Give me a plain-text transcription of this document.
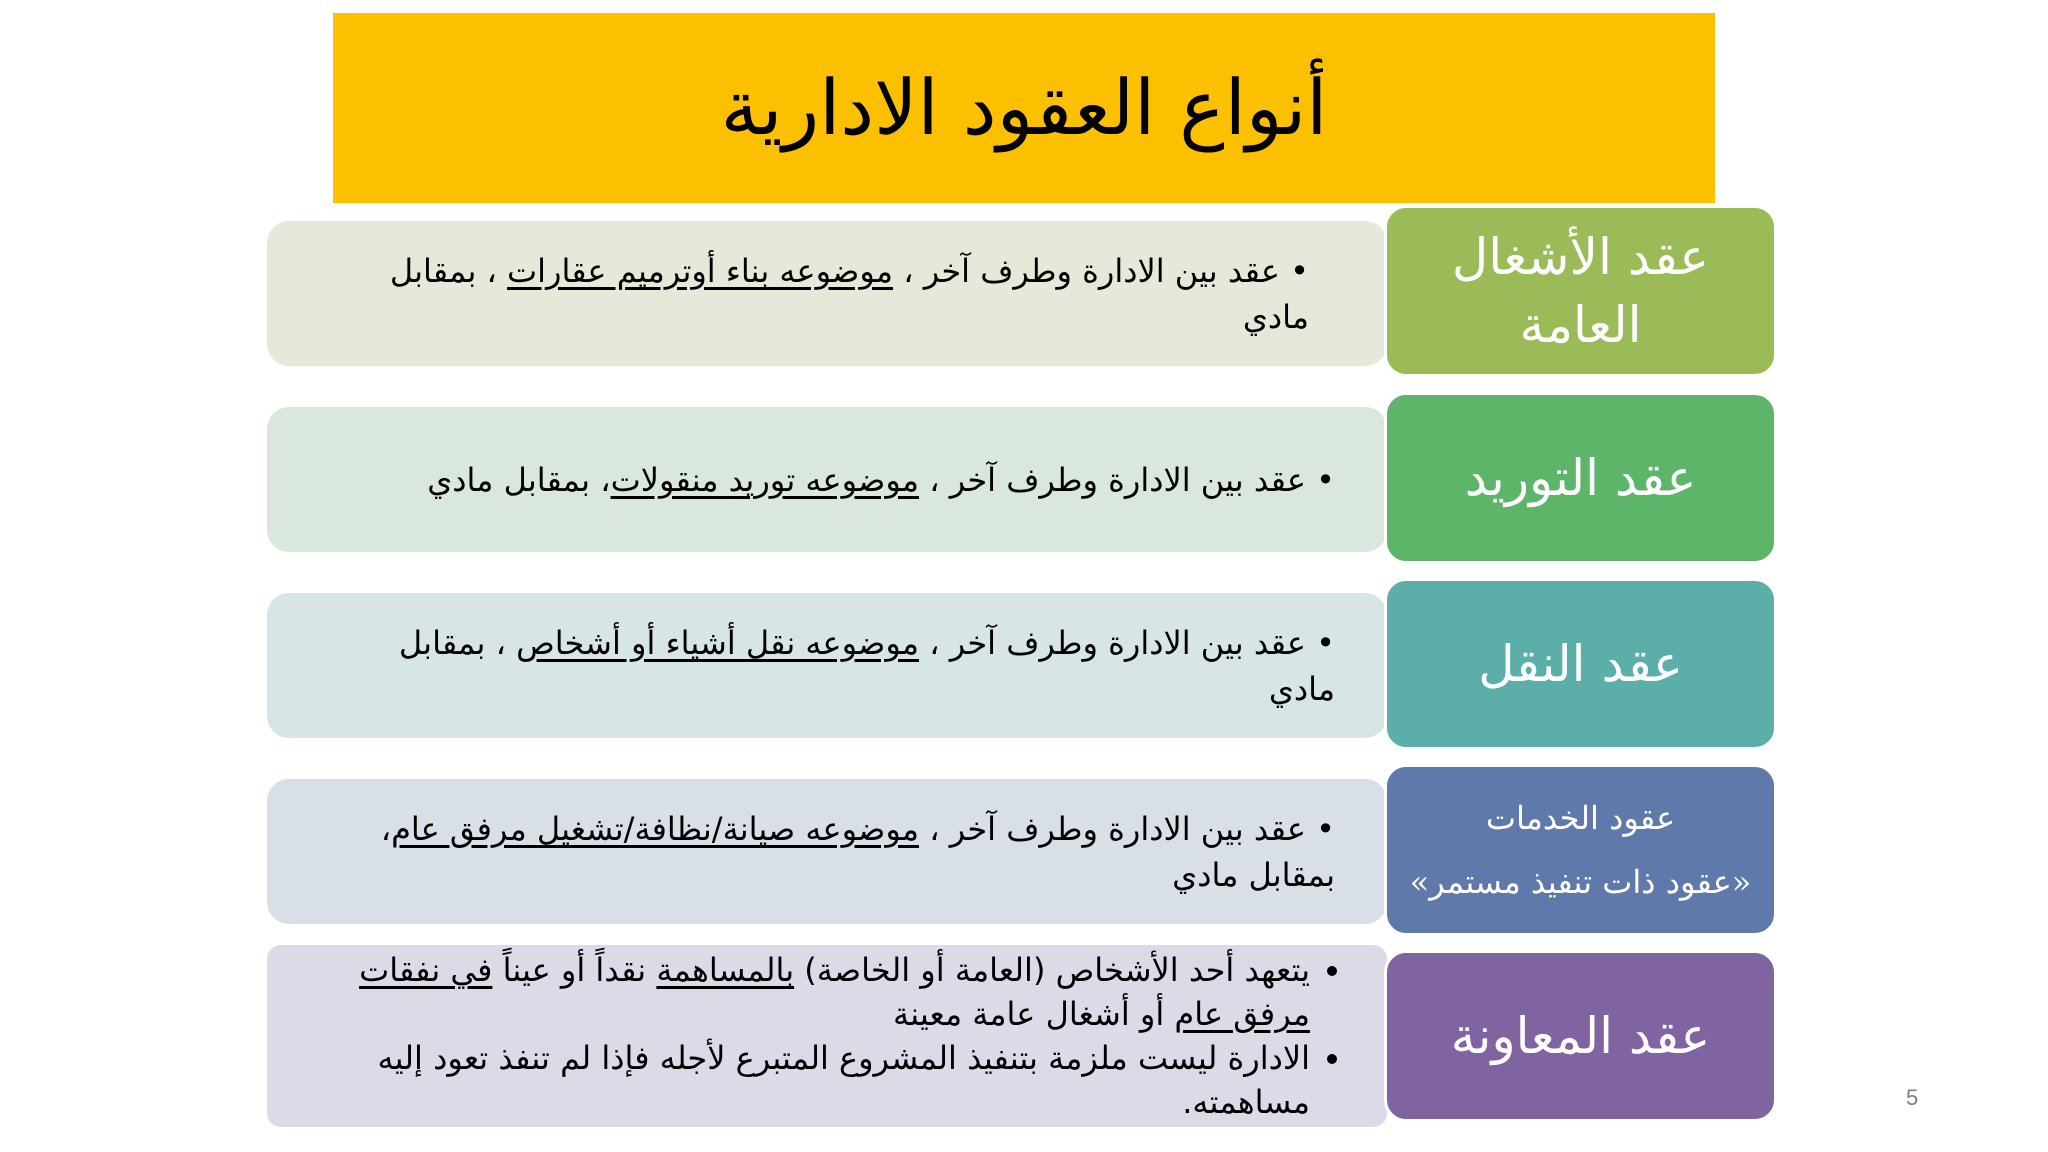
أنواع العقود الادارية
• عقد بين الادارة وطرف آخر ، موضوعه بناء أوترميم عقارات ، بمقابل مادي
عقد الأشغال العامة
• عقد بين الادارة وطرف آخر ، موضوعه توريد منقولات، بمقابل مادي	عقد التوريد
• عقد بين الادارة وطرف آخر ، موضوعه نقل أشياء أو أشخاص ، بمقابل مادي	عقد النقل
• عقد بين الادارة وطرف آخر ، موضوعه صيانة/نظافة/تشغيل مرفق عام، بمقابل مادي
عقود الخدمات
«عقود ذات تنفيذ مستمر»
• يتعهد أحد الأشخاص (العامة أو الخاصة) بالمساهمة نقداً أو عيناً في نفقات مرفق عام أو أشغال عامة معينة
• الادارة ليست ملزمة بتنفيذ المشروع المتبرع لأجله فإذا لم تنفذ تعود إليه مساهمته.
عقد المعاونة
5
